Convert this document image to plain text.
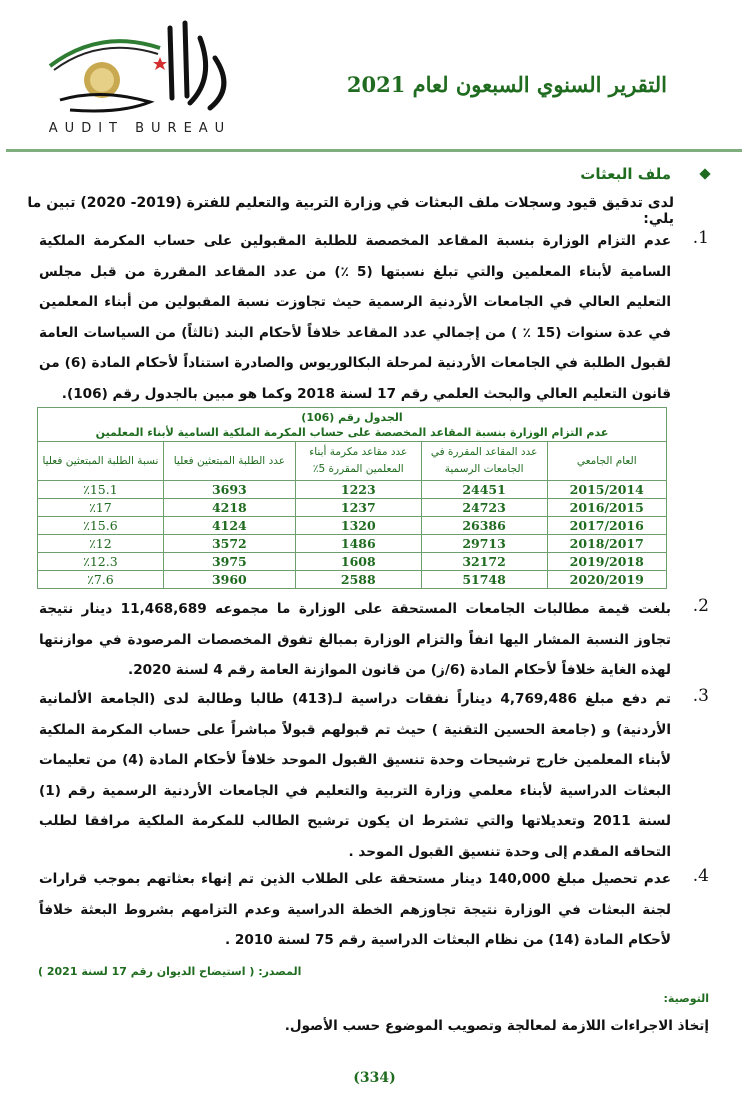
AUDIT BUREAU
التقرير السنوي السبعون لعام 2021
ملف البعثات
لدى تدقيق قيود وسجلات ملف البعثات في وزارة التربية والتعليم للفترة (2019- 2020) تبين ما يلي:
1.
عدم التزام الوزارة بنسبة المقاعد المخصصة للطلبة المقبولين على حساب المكرمة الملكية السامية لأبناء المعلمين والتي تبلغ نسبتها (5 ٪) من عدد المقاعد المقررة من قبل مجلس التعليم العالي في الجامعات الأردنية الرسمية حيث تجاوزت نسبة المقبولين من أبناء المعلمين في عدة سنوات (15 ٪ ) من إجمالي عدد المقاعد خلافاً لأحكام البند (ثالثاً) من السياسات العامة لقبول الطلبة في الجامعات الأردنية لمرحلة البكالوريوس والصادرة استناداً لأحكام المادة (6) من قانون التعليم العالي والبحث العلمي رقم 17 لسنة 2018 وكما هو مبين بالجدول رقم (106).
الجدول رقم (106)
عدم التزام الوزارة بنسبة المقاعد المخصصة على حساب المكرمة الملكية السامية لأبناء المعلمين				

العام الجامعي	عدد المقاعد المقررة في الجامعات الرسمية	عدد مقاعد مكرمة أبناء المعلمين المقررة 5٪	عدد الطلبة المبتعثين فعليا	نسبة الطلبة المبتعثين فعليا
2015/2014	24451	1223	3693	٪15.1
2016/2015	24723	1237	4218	٪17
2017/2016	26386	1320	4124	٪15.6
2018/2017	29713	1486	3572	٪12
2019/2018	32172	1608	3975	٪12.3
2020/2019	51748	2588	3960	٪7.6
2.
بلغت قيمة مطالبات الجامعات المستحقة على الوزارة ما مجموعه 11,468,689 دينار نتيجة تجاوز النسبة المشار اليها انفاً والتزام الوزارة بمبالغ تفوق المخصصات المرصودة في موازنتها لهذه الغاية خلافاً لأحكام المادة (6/ز) من قانون الموازنة العامة رقم 4 لسنة 2020.
3.
تم دفع مبلغ 4,769,486 ديناراً نفقات دراسية لـ(413) طالبا وطالبة لدى (الجامعة الألمانية الأردنية) و (جامعة الحسين التقنية ) حيث تم قبولهم قبولاً مباشراً على حساب المكرمة الملكية لأبناء المعلمين خارج ترشيحات وحدة تنسيق القبول الموحد خلافاً لأحكام المادة (4) من تعليمات البعثات الدراسية لأبناء معلمي وزارة التربية والتعليم في الجامعات الأردنية الرسمية رقم (1) لسنة 2011 وتعديلاتها والتي تشترط ان يكون ترشيح الطالب للمكرمة الملكية مرافقا لطلب التحاقه المقدم إلى وحدة تنسيق القبول الموحد .
4.
عدم تحصيل مبلغ 140,000 دينار مستحقة على الطلاب الذين تم إنهاء بعثاتهم بموجب قرارات لجنة البعثات في الوزارة نتيجة تجاوزهم الخطة الدراسية وعدم التزامهم بشروط البعثة خلافاً لأحكام المادة (14) من نظام البعثات الدراسية رقم 75 لسنة 2010 .
المصدر: ( استيضاح الديوان رقم 17 لسنة 2021 )
التوصية:
إتخاذ الاجراءات اللازمة لمعالجة وتصويب الموضوع حسب الأصول.
(334)
